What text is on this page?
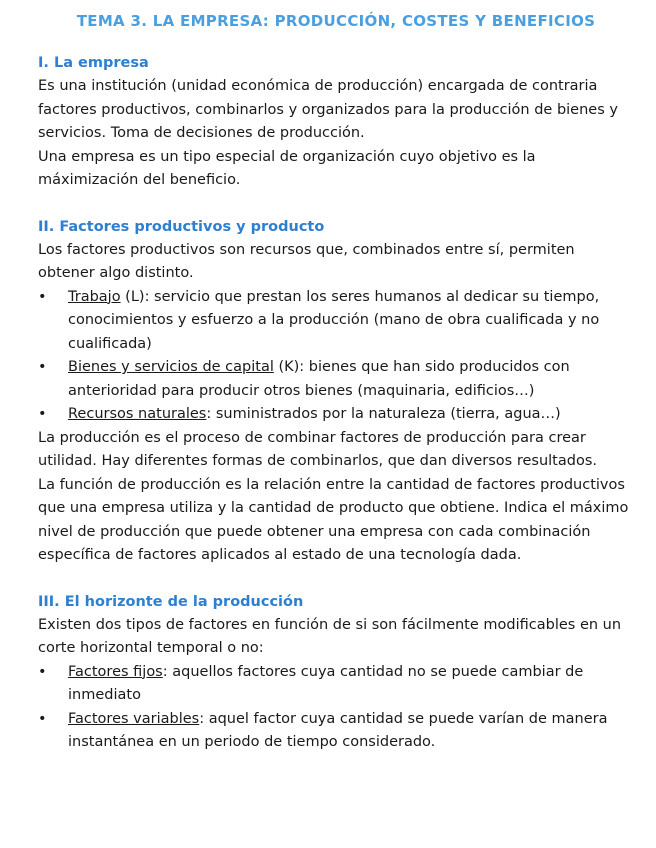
TEMA 3. LA EMPRESA: PRODUCCIÓN, COSTES Y BENEFICIOS
I. La empresa

Es una institución (unidad económica de producción) encargada de contraria factores productivos, combinarlos y organizados para la producción de bienes y servicios. Toma de decisiones de producción.

Una empresa es un tipo especial de organización cuyo objetivo es la máximización del beneficio.

II. Factores productivos y producto

Los factores productivos son recursos que, combinados entre sí, permiten obtener algo distinto.

• Trabajo (L): servicio que prestan los seres humanos al dedicar su tiempo, conocimientos y esfuerzo a la producción (mano de obra cualificada y no cualificada)
• Bienes y servicios de capital (K): bienes que han sido producidos con anterioridad para producir otros bienes (maquinaria, edificios…)
• Recursos naturales: suministrados por la naturaleza (tierra, agua…)

La producción es el proceso de combinar factores de producción para crear utilidad. Hay diferentes formas de combinarlos, que dan diversos resultados.

La función de producción es la relación entre la cantidad de factores productivos que una empresa utiliza y la cantidad de producto que obtiene. Indica el máximo nivel de producción que puede obtener una empresa con cada combinación específica de factores aplicados al estado de una tecnología dada.

III. El horizonte de la producción

Existen dos tipos de factores en función de si son fácilmente modificables en un corte horizontal temporal o no:

• Factores fijos: aquellos factores cuya cantidad no se puede cambiar de inmediato
• Factores variables: aquel factor cuya cantidad se puede varían de manera instantánea en un periodo de tiempo considerado.
